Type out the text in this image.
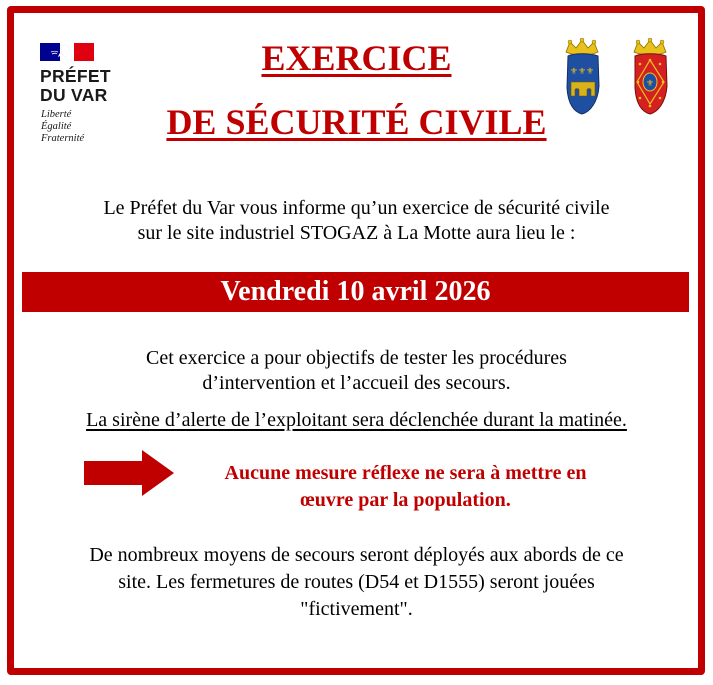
PRÉFET
DU VAR
Liberté
Égalité
Fraternité
EXERCICE
DE SÉCURITÉ CIVILE
⚜⚜⚜
⚜
Le Préfet du Var vous informe qu’un exercice de sécurité civile
sur le site industriel STOGAZ à La Motte aura lieu le :
Vendredi 10 avril 2026
Cet exercice a pour objectifs de tester les procédures
d’intervention et l’accueil des secours.
La sirène d’alerte de l’exploitant sera déclenchée durant la matinée.
Aucune mesure réflexe ne sera à mettre en
œuvre par la population.
De nombreux moyens de secours seront déployés aux abords de ce
site. Les fermetures de routes (D54 et D1555) seront jouées
"fictivement".
